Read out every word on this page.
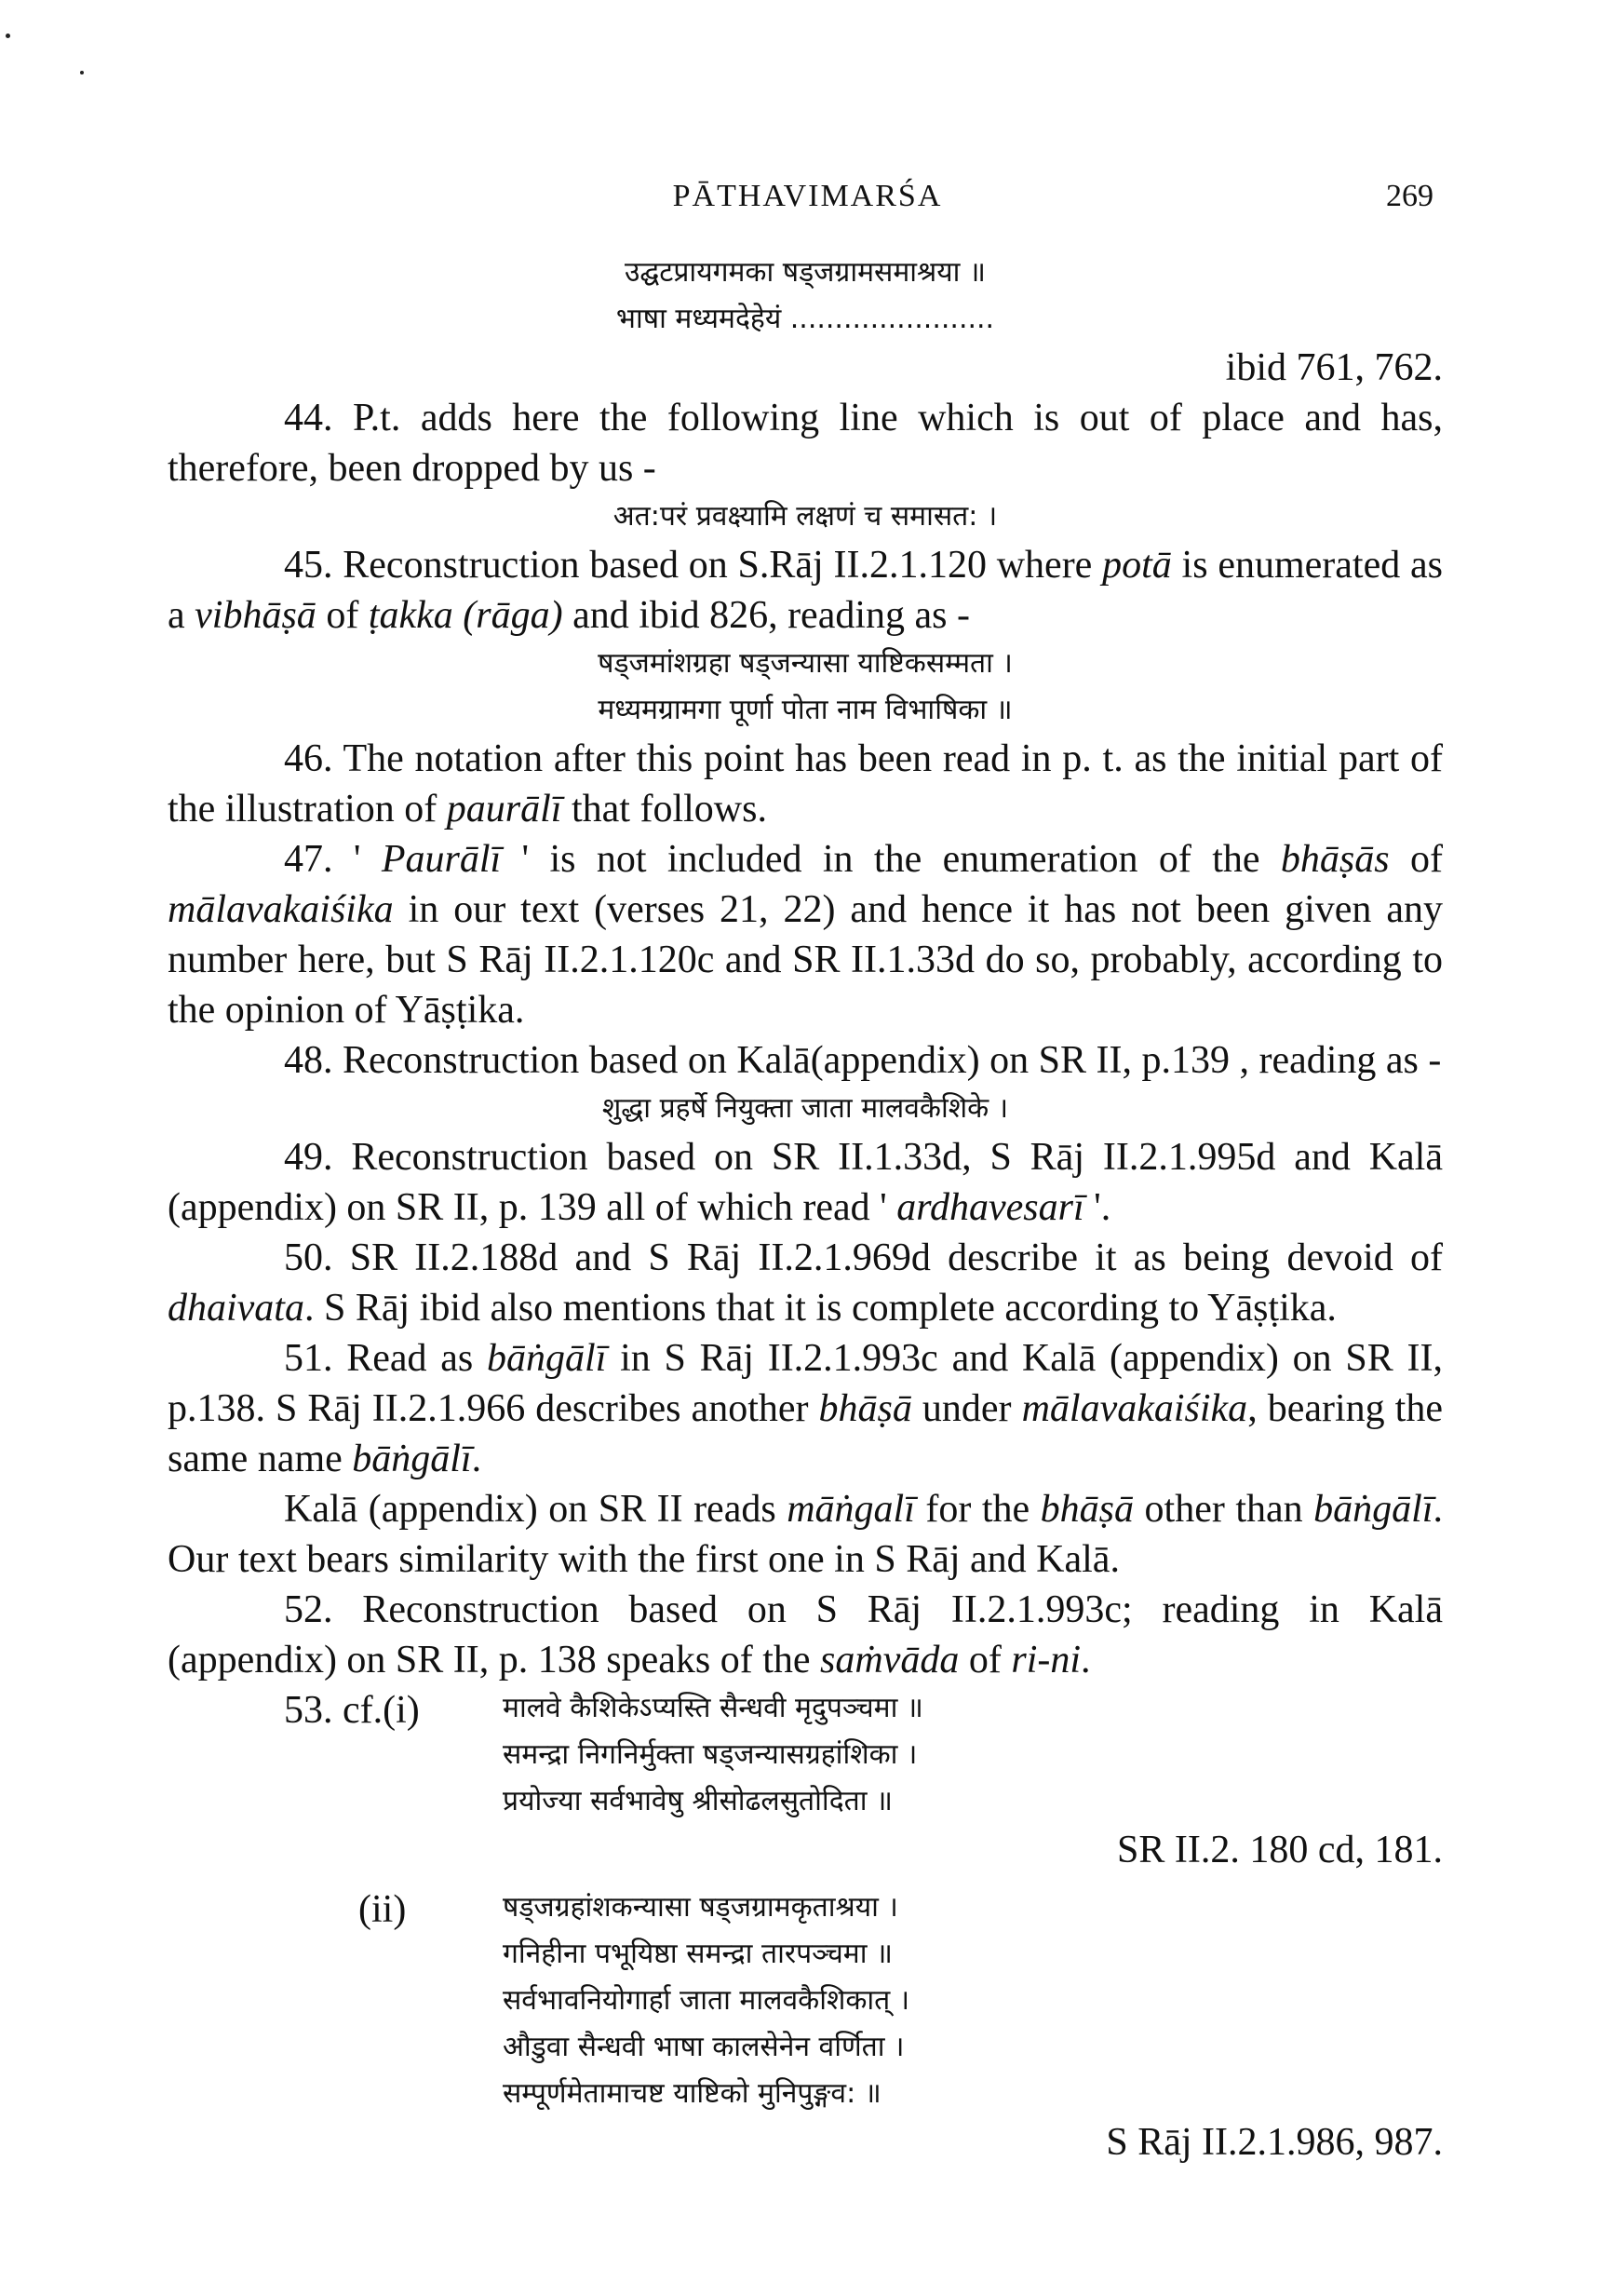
PĀTHAVIMARŚA	269
उद्घटप्रायगमका षड्जग्रामसमाश्रया ॥
भाषा मध्यमदेहेयं .......................

ibid 761, 762.

44. P.t. adds here the following line which is out of place and has, therefore, been dropped by us -

अत:परं प्रवक्ष्यामि लक्षणं च समासत: ।

45. Reconstruction based on S.Rāj II.2.1.120 where potā is enumerated as a vibhāṣā of ṭakka (rāga) and ibid 826, reading as -

षड्जमांशग्रहा षड्जन्यासा याष्टिकसम्मता ।
मध्यमग्रामगा पूर्णा पोता नाम विभाषिका ॥

46. The notation after this point has been read in p. t. as the initial part of the illustration of paurālī that follows.

47. ' Paurālī ' is not included in the enumeration of the bhāṣās of mālavakaiśika in our text (verses 21, 22) and hence it has not been given any number here, but S Rāj II.2.1.120c and SR II.1.33d do so, probably, according to the opinion of Yāṣṭika.

48. Reconstruction based on Kalā(appendix) on SR II, p.139 , reading as -

शुद्धा प्रहर्षे नियुक्ता जाता मालवकैशिके ।

49. Reconstruction based on SR II.1.33d, S Rāj II.2.1.995d and Kalā (appendix) on SR II, p. 139 all of which read ' ardhavesarī '.

50. SR II.2.188d and S Rāj II.2.1.969d describe it as being devoid of dhaivata. S Rāj ibid also mentions that it is complete according to Yāṣṭika.

51. Read as bāṅgālī in S Rāj II.2.1.993c and Kalā (appendix) on SR II, p.138. S Rāj II.2.1.966 describes another bhāṣā under mālavakaiśika, bearing the same name bāṅgālī.

Kalā (appendix) on SR II reads māṅgalī for the bhāṣā other than bāṅgālī. Our text bears similarity with the first one in S Rāj and Kalā.

52. Reconstruction based on S Rāj II.2.1.993c; reading in Kalā (appendix) on SR II, p. 138 speaks of the saṁvāda of ri-ni.

53. cf.(i)	मालवे कैशिकेऽप्यस्ति सैन्धवी मृदुपञ्चमा ॥
समन्द्रा निगनिर्मुक्ता षड्जन्यासग्रहांशिका ।
प्रयोज्या सर्वभावेषु श्रीसोढलसुतोदिता ॥

SR II.2. 180 cd, 181.

(ii)	षड्जग्रहांशकन्यासा षड्जग्रामकृताश्रया ।
गनिहीना पभूयिष्ठा समन्द्रा तारपञ्चमा ॥
सर्वभावनियोगार्हा जाता मालवकैशिकात् ।
औडुवा सैन्धवी भाषा कालसेनेन वर्णिता ।
सम्पूर्णमेतामाचष्ट याष्टिको मुनिपुङ्गव: ॥

S Rāj II.2.1.986, 987.
